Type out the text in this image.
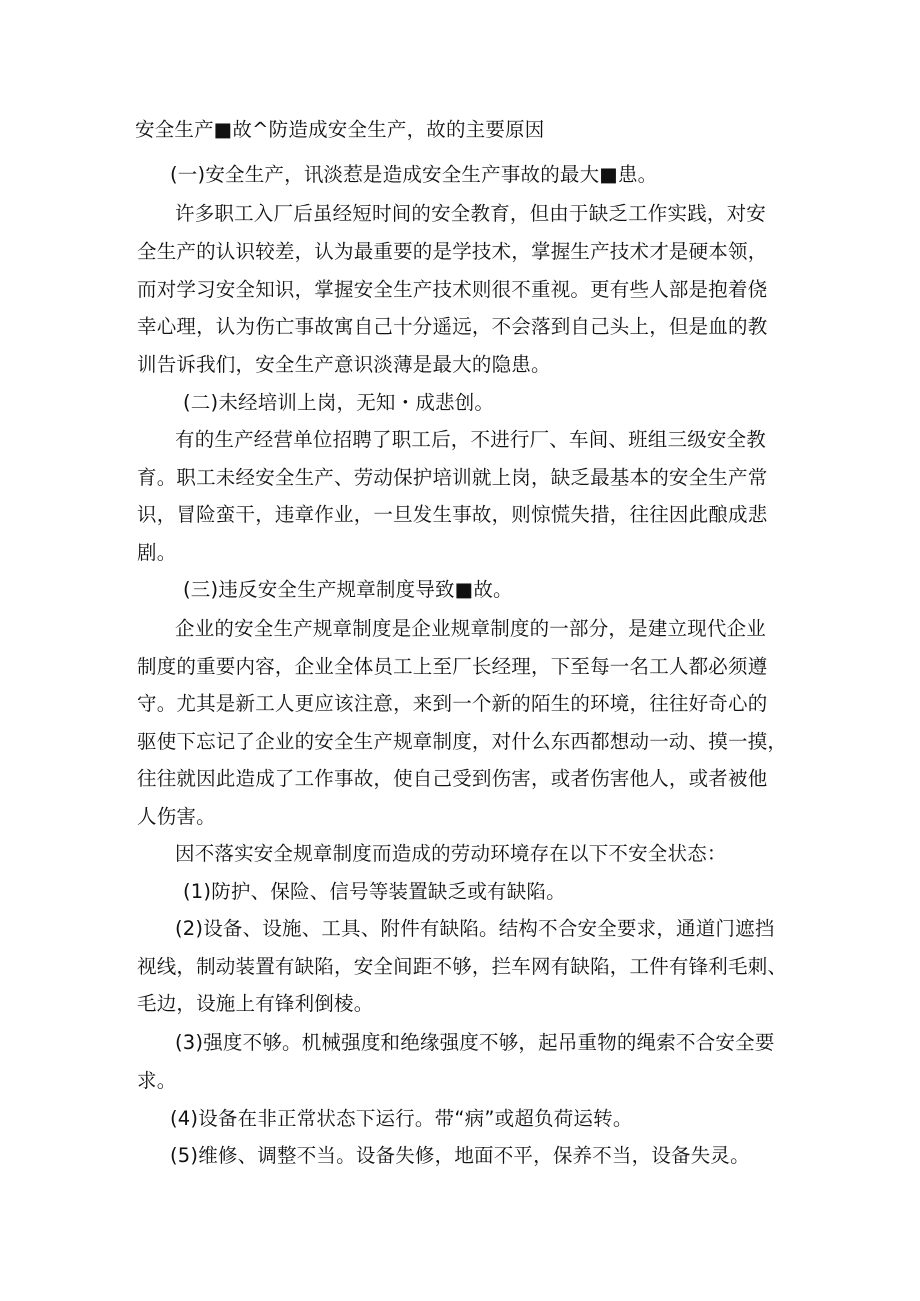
安全生产■故^防造成安全生产，故的主要原因
(一)安全生产，讯淡惹是造成安全生产事故的最大■患。
许多职工入厂后虽经短时间的安全教育，但由于缺乏工作实践，对安
全生产的认识较差，认为最重要的是学技术，掌握生产技术才是硬本领，
而对学习安全知识，掌握安全生产技术则很不重视。更有些人部是抱着侥
幸心理，认为伤亡事故寓自己十分遥远，不会落到自己头上，但是血的教
训告诉我们，安全生产意识淡薄是最大的隐患。
(二)未经培训上岗，无知・成悲创。
有的生产经营单位招聘了职工后，不进行厂、车间、班组三级安全教
育。职工未经安全生产、劳动保护培训就上岗，缺乏最基本的安全生产常
识，冒险蛮干，违章作业，一旦发生事故，则惊慌失措，往往因此酿成悲
剧。
(三)违反安全生产规章制度导致■故。
企业的安全生产规章制度是企业规章制度的一部分，是建立现代企业
制度的重要内容，企业全体员工上至厂长经理，下至每一名工人都必须遵
守。尤其是新工人更应该注意，来到一个新的陌生的环境，往往好奇心的
驱使下忘记了企业的安全生产规章制度，对什么东西都想动一动、摸一摸，
往往就因此造成了工作事故，使自己受到伤害，或者伤害他人，或者被他
人伤害。
因不落实安全规章制度而造成的劳动环境存在以下不安全状态：
(1)防护、保险、信号等装置缺乏或有缺陷。
(2)设备、设施、工具、附件有缺陷。结构不合安全要求，通道门遮挡
视线，制动装置有缺陷，安全间距不够，拦车网有缺陷，工件有锋利毛刺、
毛边，设施上有锋利倒棱。
(3)强度不够。机械强度和绝缘强度不够，起吊重物的绳索不合安全要
求。
(4)设备在非正常状态下运行。带“病”或超负荷运转。
(5)维修、调整不当。设备失修，地面不平，保养不当，设备失灵。
